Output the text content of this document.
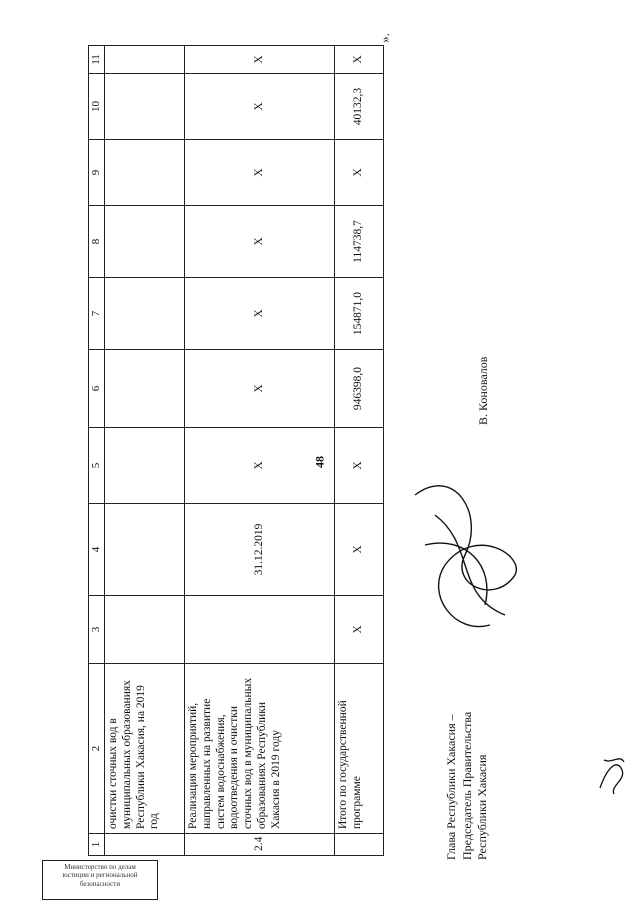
48
1	2	3	4	5	6	7	8	9	10	11
	очистки сточных вод в муниципальных образованиях Республики Хакасия, на 2019 год									
2.4	Реализация мероприятий, направленных на развитие систем водоснабжения, водоотведения и очистки сточных вод в муниципальных образованиях Республики Хакасия в 2019 году		31.12.2019	Х	Х	Х	Х	Х	Х	Х
	Итого по государственной программе	Х	Х	Х	946398,0	154871,0	114738,7	Х	40132,3	Х
».
Глава Республики Хакасия – Председатель Правительства Республики Хакасия
В. Коновалов
Министерство по делам
юстиции и региональной
безопасности
